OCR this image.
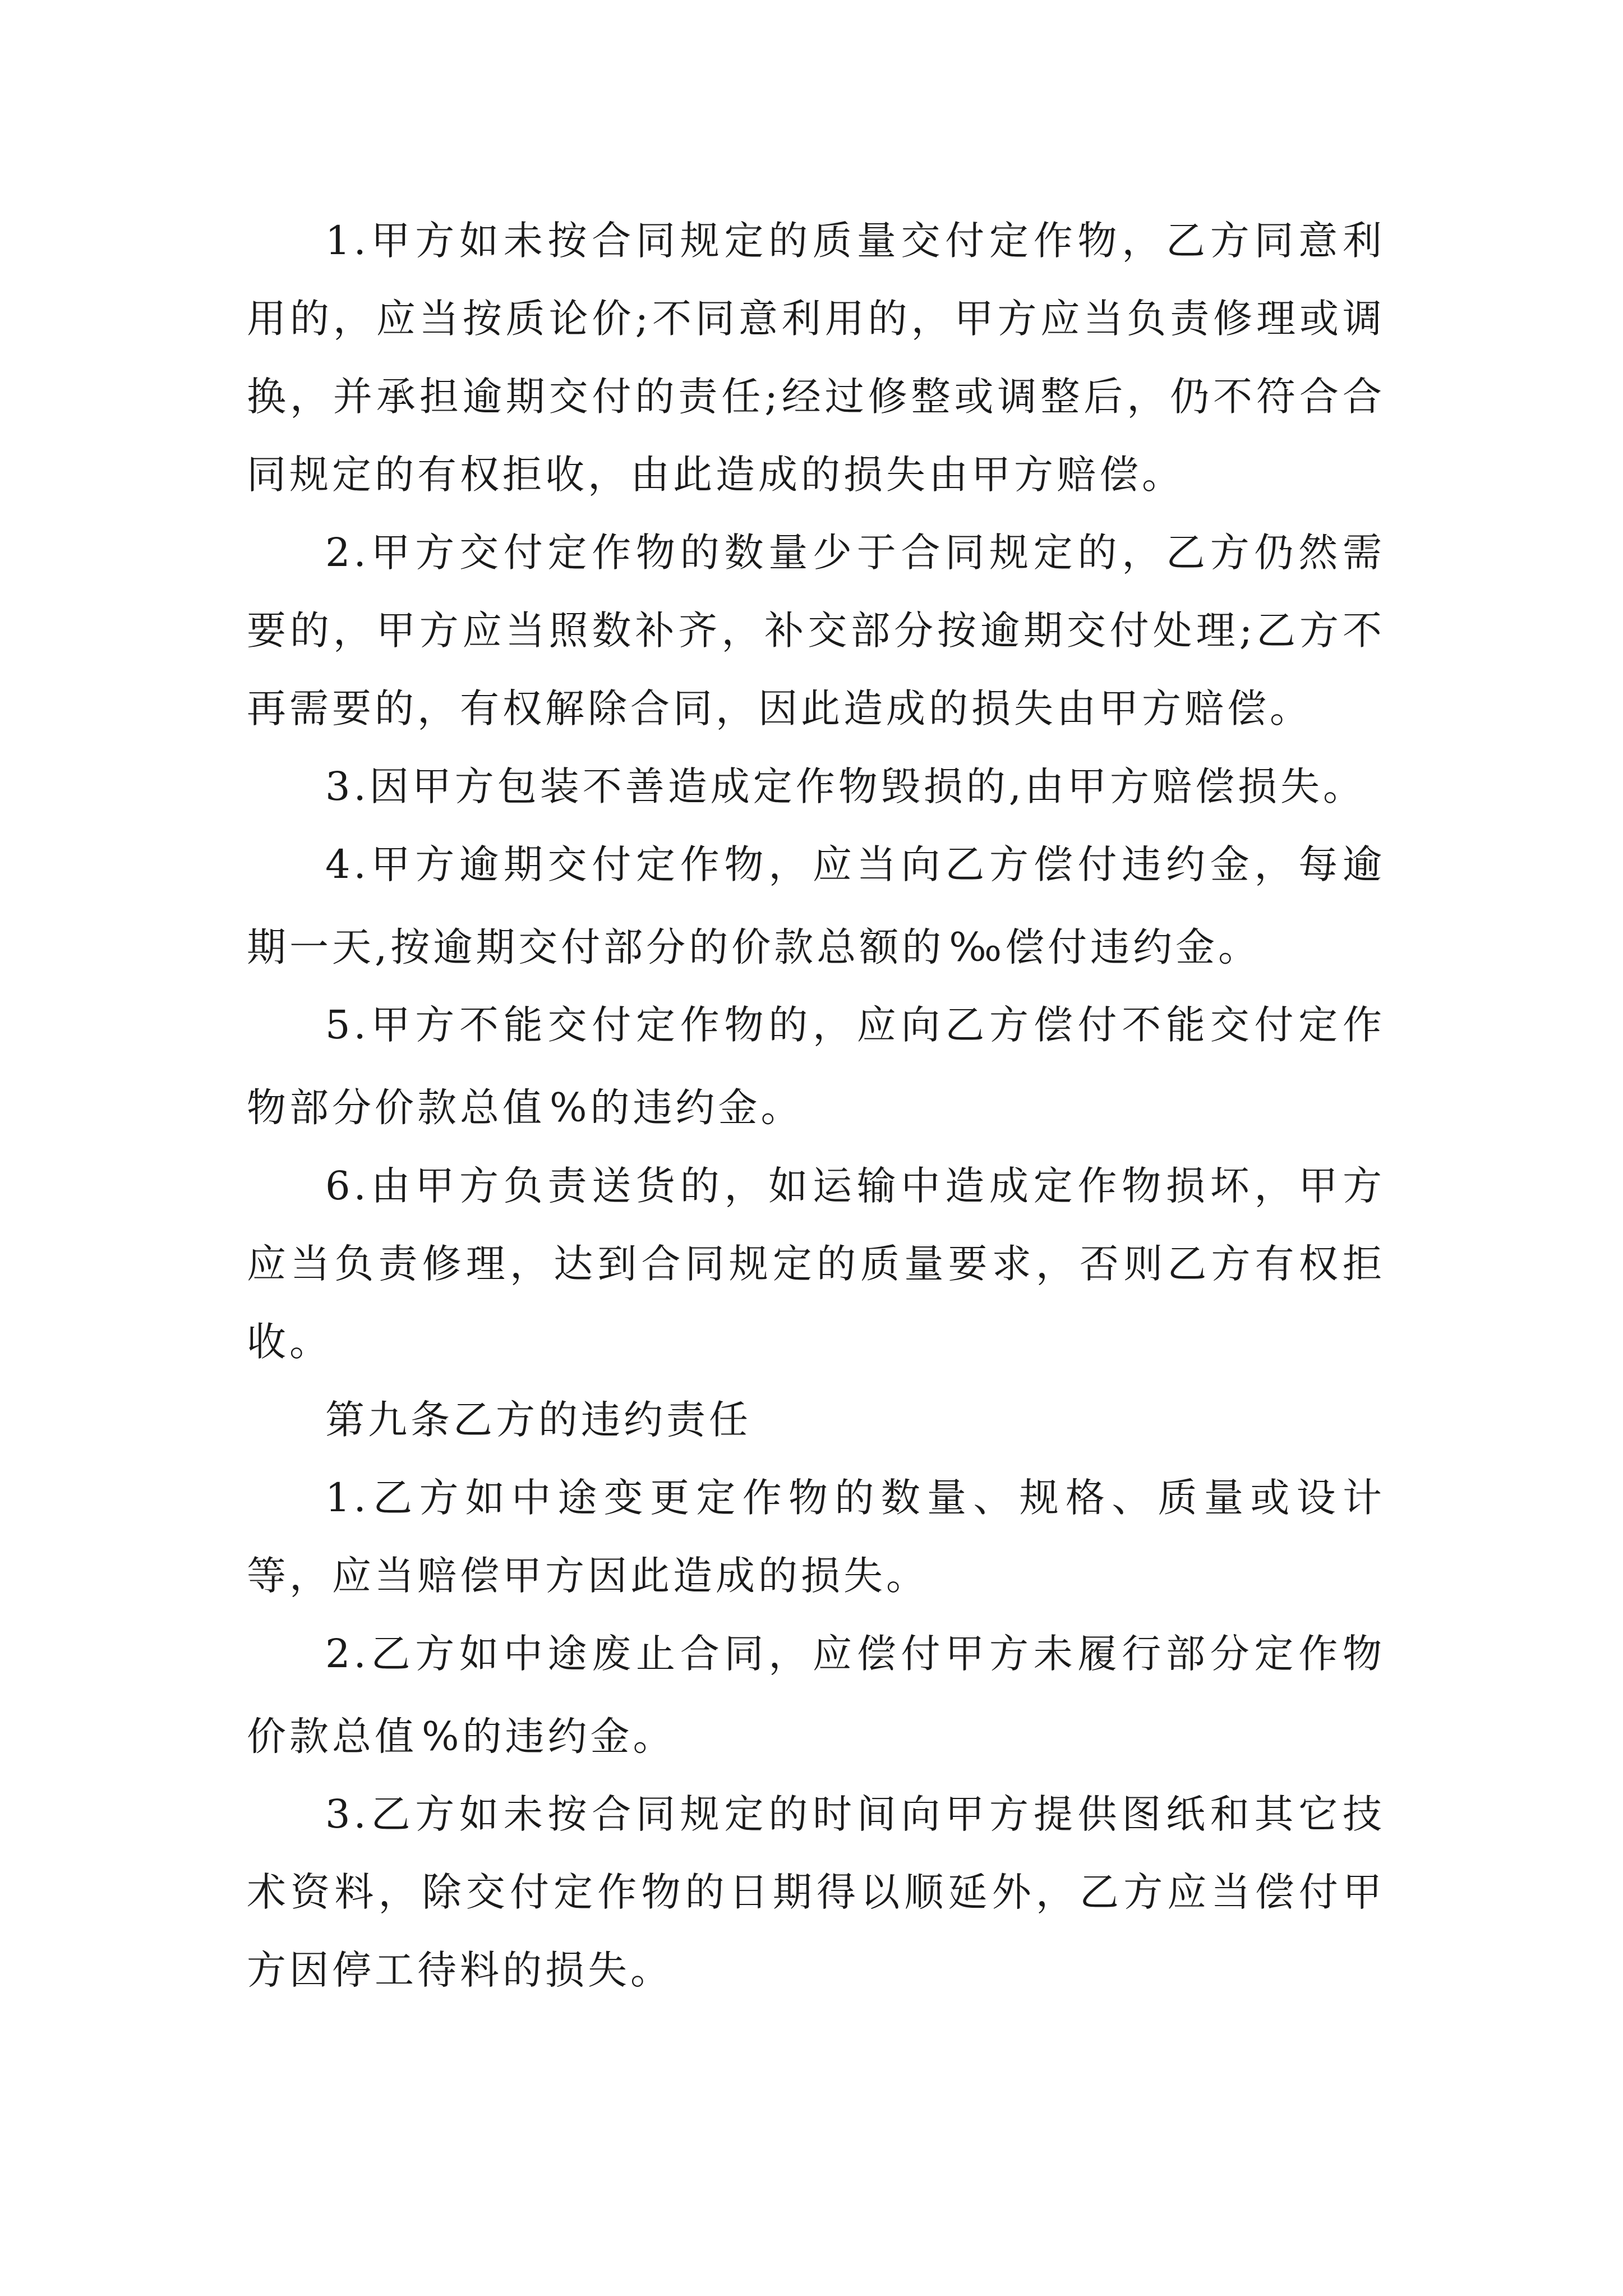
1.甲方如未按合同规定的质量交付定作物，乙方同意利用的，应当按质论价;不同意利用的，甲方应当负责修理或调换，并承担逾期交付的责任;经过修整或调整后，仍不符合合同规定的有权拒收，由此造成的损失由甲方赔偿。

2.甲方交付定作物的数量少于合同规定的，乙方仍然需要的，甲方应当照数补齐，补交部分按逾期交付处理;乙方不再需要的，有权解除合同，因此造成的损失由甲方赔偿。

3.因甲方包装不善造成定作物毁损的,由甲方赔偿损失。

4.甲方逾期交付定作物，应当向乙方偿付违约金，每逾期一天,按逾期交付部分的价款总额的 ‰偿付违约金。

5.甲方不能交付定作物的，应向乙方偿付不能交付定作物部分价款总值 %的违约金。

6.由甲方负责送货的，如运输中造成定作物损坏，甲方应当负责修理，达到合同规定的质量要求，否则乙方有权拒收。

第九条乙方的违约责任

1.乙方如中途变更定作物的数量、规格、质量或设计等，应当赔偿甲方因此造成的损失。

2.乙方如中途废止合同，应偿付甲方未履行部分定作物价款总值 %的违约金。

3.乙方如未按合同规定的时间向甲方提供图纸和其它技术资料，除交付定作物的日期得以顺延外，乙方应当偿付甲方因停工待料的损失。
